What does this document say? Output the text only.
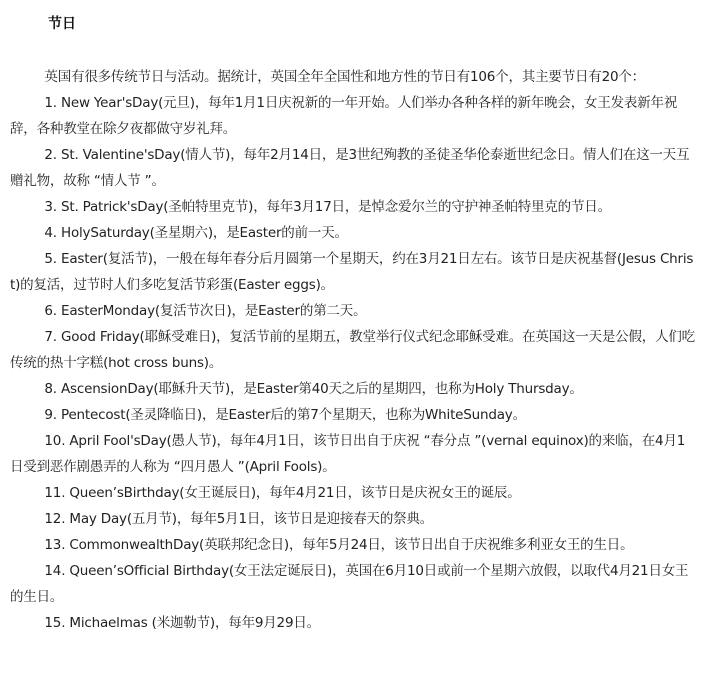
节日

英国有很多传统节日与活动。据统计，英国全年全国性和地方性的节日有106个，其主要节日有20个：

1. New Year'sDay(元旦)，每年1月1日庆祝新的一年开始。人们举办各种各样的新年晚会，女王发表新年祝辞，各种教堂在除夕夜都做守岁礼拜。

2. St. Valentine'sDay(情人节)，每年2月14日，是3世纪殉教的圣徒圣华伦泰逝世纪念日。情人们在这一天互赠礼物，故称 “情人节 ”。

3. St. Patrick'sDay(圣帕特里克节)，每年3月17日，是悼念爱尔兰的守护神圣帕特里克的节日。

4. HolySaturday(圣星期六)，是Easter的前一天。

5. Easter(复活节)，一般在每年春分后月圆第一个星期天，约在3月21日左右。该节日是庆祝基督(Jesus Christ)的复活，过节时人们多吃复活节彩蛋(Easter eggs)。

6. EasterMonday(复活节次日)，是Easter的第二天。

7. Good Friday(耶稣受难日)，复活节前的星期五，教堂举行仪式纪念耶稣受难。在英国这一天是公假，人们吃传统的热十字糕(hot cross buns)。

8. AscensionDay(耶稣升天节)，是Easter第40天之后的星期四，也称为Holy Thursday。

9. Pentecost(圣灵降临日)，是Easter后的第7个星期天，也称为WhiteSunday。

10. April Fool'sDay(愚人节)，每年4月1日，该节日出自于庆祝 “春分点 ”(vernal equinox)的来临，在4月1日受到恶作剧愚弄的人称为 “四月愚人 ”(April Fools)。

11. Queen’sBirthday(女王诞辰日)，每年4月21日，该节日是庆祝女王的诞辰。

12. May Day(五月节)，每年5月1日，该节日是迎接春天的祭典。

13. CommonwealthDay(英联邦纪念日)，每年5月24日，该节日出自于庆祝维多利亚女王的生日。

14. Queen’sOfficial Birthday(女王法定诞辰日)，英国在6月10日或前一个星期六放假，以取代4月21日女王的生日。

15. Michaelmas (米迦勒节)，每年9月29日。
